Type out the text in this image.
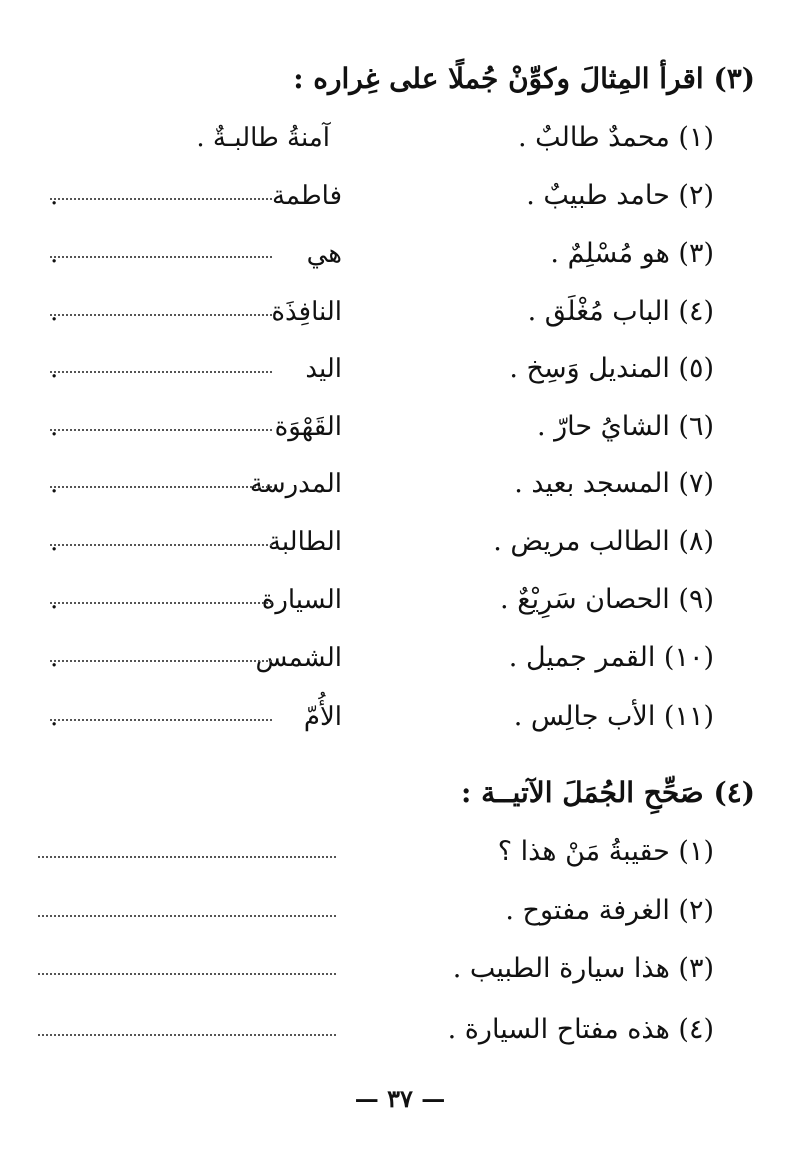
(٣) اقرأ المِثالَ وكوِّنْ جُملًا على غِراره :
(١) محمدٌ طالبٌ .
آمنةُ طالبـةٌ .
(٢) حامد طبيبٌ .
فاطمة
.
(٣) هو مُسْلِمٌ .
هي
.
(٤) الباب مُغْلَق .
النافِذَة
.
(٥) المنديل وَسِخ .
اليد
.
(٦) الشايُ حارّ .
القَهْوَة
.
(٧) المسجد بعيد .
المدرسة
.
(٨) الطالب مريض .
الطالبة
.
(٩) الحصان سَرِيْعٌ .
السيارة
.
(١٠) القمر جميل .
الشمس
.
(١١) الأب جالِس .
الأُمّ
.
(٤) صَحِّحِ الجُمَلَ الآتيــة :
(١) حقيبةُ مَنْ هذا ؟
(٢) الغرفة مفتوح .
(٣) هذا سيارة الطبيب .
(٤) هذه مفتاح السيارة .
— ٣٧ —
